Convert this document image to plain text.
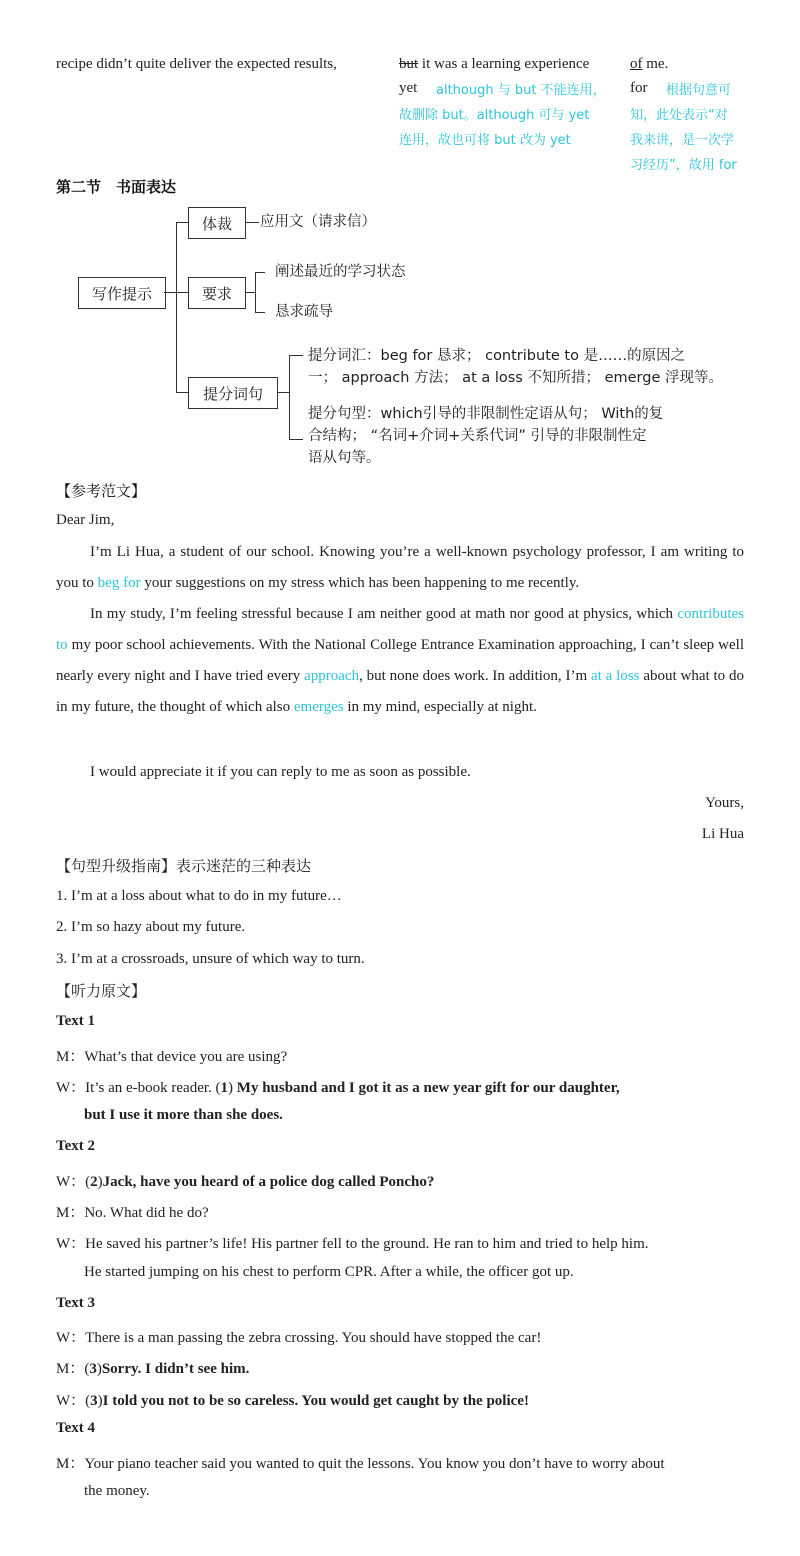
recipe didn’t quite deliver the expected results,	but it was a learning experience	of me.
yet although 与 but 不能连用，
故删除 but。although 可与 yet
连用，故也可将 but 改为 yet
for 根据句意可
知，此处表示“对
我来讲，是一次学
习经历”，故用 for
第二节　书面表达
写作提示
体裁	应用文（请求信）
要求
阐述最近的学习状态
恳求疏导
提分词句
提分词汇：beg for 恳求； contribute to 是……的原因之
一； approach 方法； at a loss 不知所措； emerge 浮现等。
提分句型：which引导的非限制性定语从句； With的复
合结构； “名词+介词+关系代词” 引导的非限制性定
语从句等。
【参考范文】
Dear Jim,
I’m Li Hua, a student of our school. Knowing you’re a well-known psychology professor, I am writing to you to beg for your suggestions on my stress which has been happening to me recently.
In my study, I’m feeling stressful because I am neither good at math nor good at physics, which contributes to my poor school achievements. With the National College Entrance Examination approaching, I can’t sleep well nearly every night and I have tried every approach, but none does work. In addition, I’m at a loss about what to do in my future, the thought of which also emerges in my mind, especially at night.
I would appreciate it if you can reply to me as soon as possible.
Yours,
Li Hua
【句型升级指南】表示迷茫的三种表达
1. I’m at a loss about what to do in my future…
2. I’m so hazy about my future.
3. I’m at a crossroads, unsure of which way to turn.
【听力原文】
Text 1
M：What’s that device you are using?
W：It’s an e-book reader. (1) My husband and I got it as a new year gift for our daughter,
but I use it more than she does.
Text 2
W：(2)Jack, have you heard of a police dog called Poncho?
M：No. What did he do?
W：He saved his partner’s life! His partner fell to the ground. He ran to him and tried to help him.
He started jumping on his chest to perform CPR. After a while, the officer got up.
Text 3
W：There is a man passing the zebra crossing. You should have stopped the car!
M：(3)Sorry. I didn’t see him.
W：(3)I told you not to be so careless. You would get caught by the police!
Text 4
M：Your piano teacher said you wanted to quit the lessons. You know you don’t have to worry about
the money.
